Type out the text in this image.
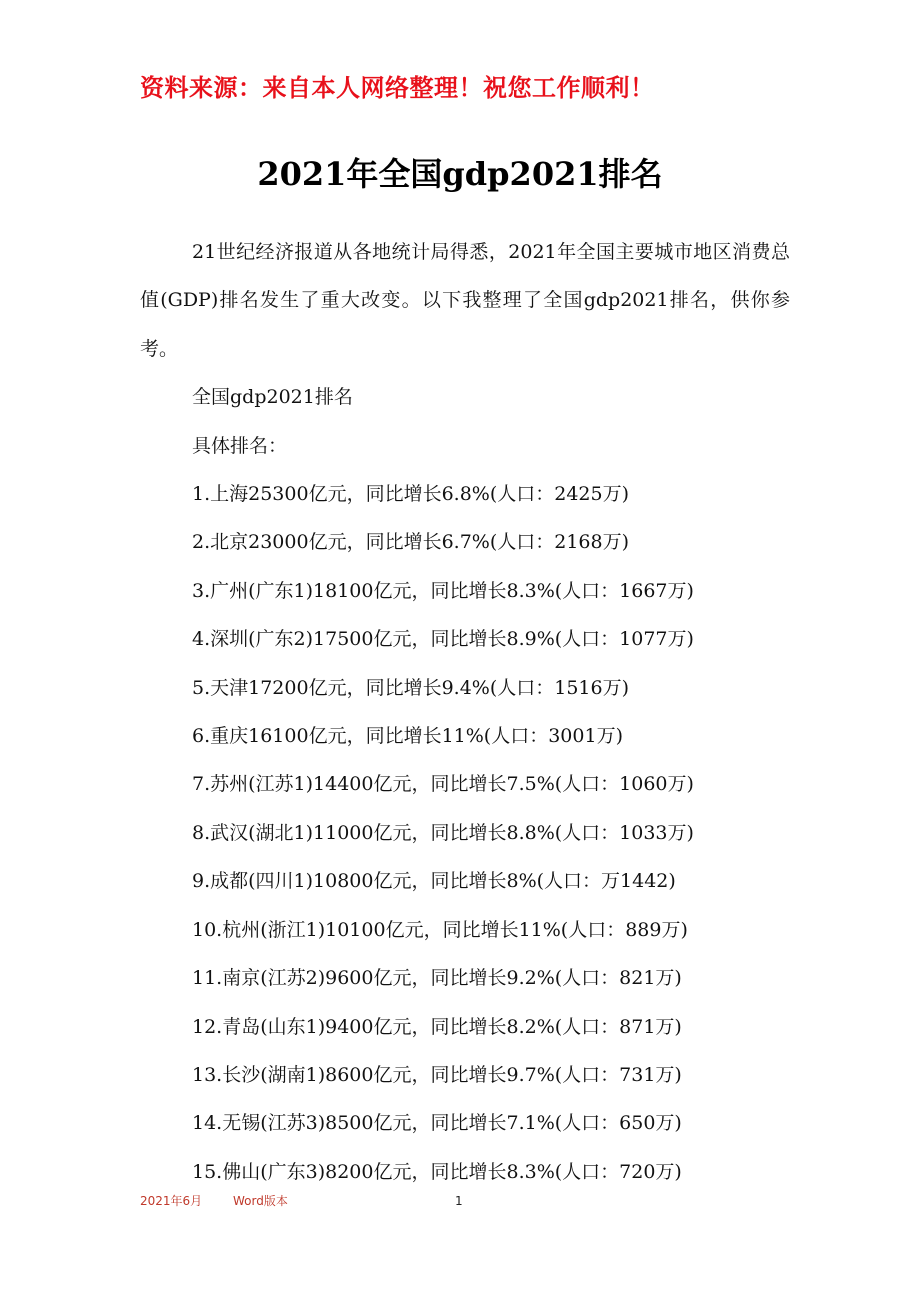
资料来源：来自本人网络整理！祝您工作顺利！
2021年全国gdp2021排名

21世纪经济报道从各地统计局得悉，2021年全国主要城市地区消费总值(GDP)排名发生了重大改变。以下我整理了全国gdp2021排名，供你参考。

全国gdp2021排名

具体排名：

1.上海25300亿元，同比增长6.8%(人口：2425万)

2.北京23000亿元，同比增长6.7%(人口：2168万)

3.广州(广东1)18100亿元，同比增长8.3%(人口：1667万)

4.深圳(广东2)17500亿元，同比增长8.9%(人口：1077万)

5.天津17200亿元，同比增长9.4%(人口：1516万)

6.重庆16100亿元，同比增长11%(人口：3001万)

7.苏州(江苏1)14400亿元，同比增长7.5%(人口：1060万)

8.武汉(湖北1)11000亿元，同比增长8.8%(人口：1033万)

9.成都(四川1)10800亿元，同比增长8%(人口：万1442)

10.杭州(浙江1)10100亿元，同比增长11%(人口：889万)

11.南京(江苏2)9600亿元，同比增长9.2%(人口：821万)

12.青岛(山东1)9400亿元，同比增长8.2%(人口：871万)

13.长沙(湖南1)8600亿元，同比增长9.7%(人口：731万)

14.无锡(江苏3)8500亿元，同比增长7.1%(人口：650万)

15.佛山(广东3)8200亿元，同比增长8.3%(人口：720万)

2021年6月	Word版本	1
